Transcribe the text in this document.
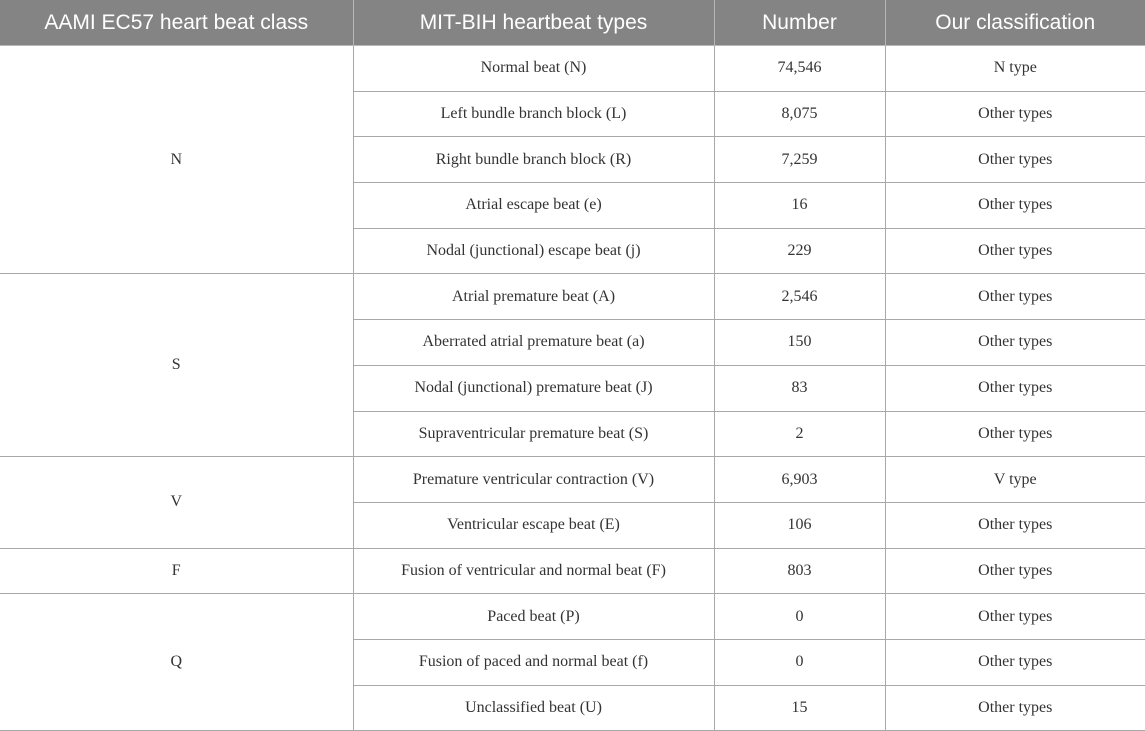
AAMI EC57 heart beat class	MIT-BIH heartbeat types	Number	Our classification
N	Normal beat (N)	74,546	N type
	Left bundle branch block (L)	8,075	Other types
	Right bundle branch block (R)	7,259	Other types
	Atrial escape beat (e)	16	Other types
	Nodal (junctional) escape beat (j)	229	Other types
S	Atrial premature beat (A)	2,546	Other types
	Aberrated atrial premature beat (a)	150	Other types
	Nodal (junctional) premature beat (J)	83	Other types
	Supraventricular premature beat (S)	2	Other types
V	Premature ventricular contraction (V)	6,903	V type
	Ventricular escape beat (E)	106	Other types
F	Fusion of ventricular and normal beat (F)	803	Other types
Q	Paced beat (P)	0	Other types
	Fusion of paced and normal beat (f)	0	Other types
	Unclassified beat (U)	15	Other types
